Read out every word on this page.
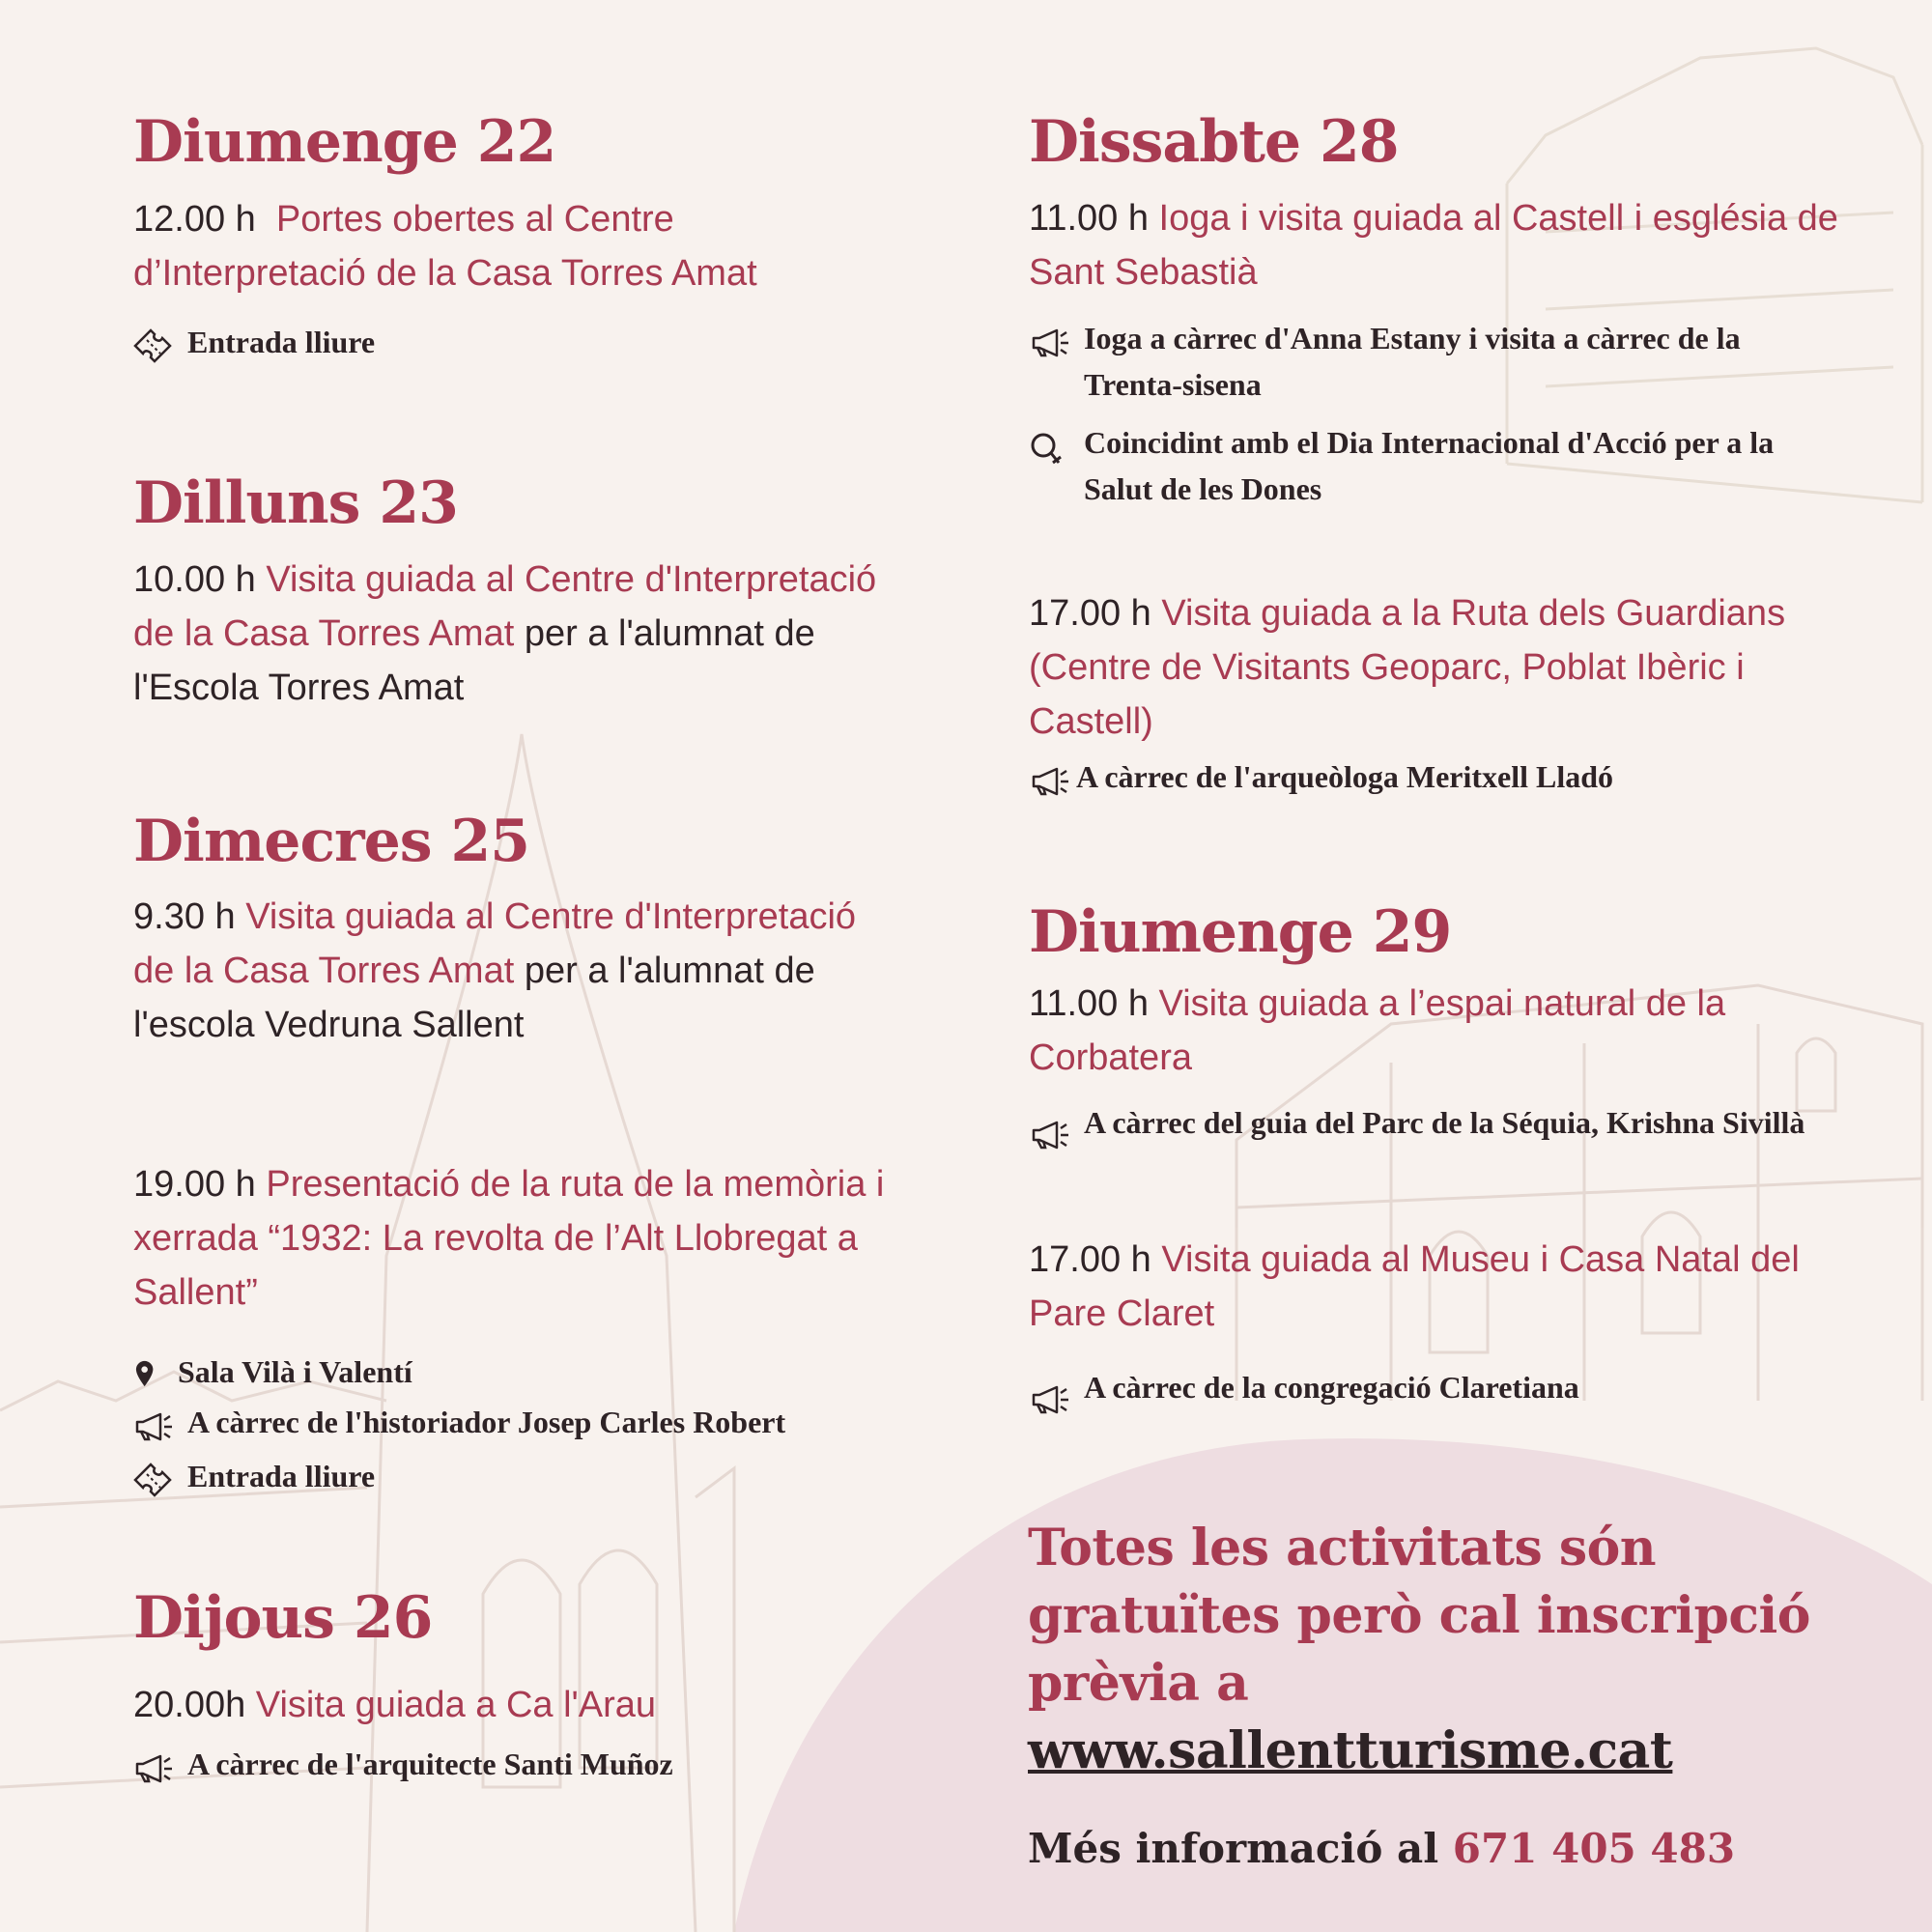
Diumenge 22

12.00 h Portes obertes al Centre d’Interpretació de la Casa Torres Amat

Entrada lliure

Dilluns 23

10.00 h Visita guiada al Centre d'Interpretació de la Casa Torres Amat per a l'alumnat de l'Escola Torres Amat

Dimecres 25

9.30 h Visita guiada al Centre d'Interpretació de la Casa Torres Amat per a l'alumnat de l'escola Vedruna Sallent

19.00 h Presentació de la ruta de la memòria i xerrada “1932: La revolta de l’Alt Llobregat a Sallent”

Sala Vilà i Valentí

A càrrec de l'historiador Josep Carles Robert

Entrada lliure

Dijous 26

20.00h Visita guiada a Ca l'Arau

A càrrec de l'arquitecte Santi Muñoz

Dissabte 28

11.00 h Ioga i visita guiada al Castell i església de Sant Sebastià

Ioga a càrrec d'Anna Estany i visita a càrrec de la Trenta-sisena

Coincidint amb el Dia Internacional d'Acció per a la Salut de les Dones

17.00 h Visita guiada a la Ruta dels Guardians (Centre de Visitants Geoparc, Poblat Ibèric i Castell)

A càrrec de l'arqueòloga Meritxell Lladó

Diumenge 29

11.00 h Visita guiada a l’espai natural de la Corbatera

A càrrec del guia del Parc de la Séquia, Krishna Sivillà

17.00 h Visita guiada al Museu i Casa Natal del Pare Claret

A càrrec de la congregació Claretiana

Totes les activitats són gratuïtes però cal inscripció prèvia a www.sallentturisme.cat

Més informació al 671 405 483
